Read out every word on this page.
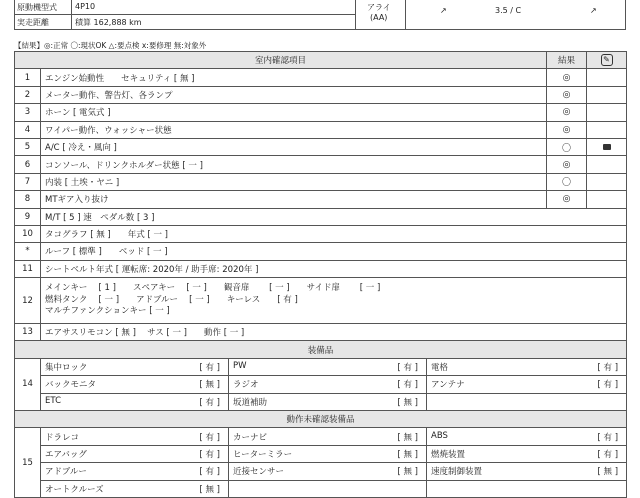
原動機型式 4P10
実走距離	積算 162,888 km
アライ
(AA)
↗	3.5 / C	↗
【結果】◎:正常 〇:現状OK △:要点検 x:要修理 無:対象外
室内確認項目				結果	✎
1	エンジン始動性　　セキュリティ [ 無 ]			◎	
2	メーター動作、警告灯、各ランプ			◎	
3	ホーン [ 電気式 ]			◎	
4	ワイパー動作、ウォッシャー状態			◎	
5	A/C [ 冷え・風向 ]			〇	
6	コンソール、ドリンクホルダー状態 [ 一 ]			◎	
7	内装 [ 土埃・ヤニ ]			〇	
8	MTギア入り抜け			◎	
9	M/T [ 5 ] 速　ペダル数 [ 3 ]				
10	タコグラフ [ 無 ]　　年式 [ 一 ]				
*	ルーフ [ 標準 ]　　ベッド [ 一 ]				
11	シートベルト年式 [ 運転席: 2020年 / 助手席: 2020年 ]				
12	メインキー　 [ 1 ]　　スペアキー　 [ 一 ]　　観音扉　　 [ 一 ]　　サイド扉　　 [ 一 ]
燃料タンク　 [ 一 ]　　アドブルー　 [ 一 ]　　キーレス　　[ 有 ]
マルチファンクションキー [ 一 ]				
13	エアサスリモコン [ 無 ]　 サス [ 一 ]　　動作 [ 一 ]				
装備品					
14	集中ロック [ 有 ]	PW [ 有 ]	電格 [ 有 ]		

	バックモニタ [ 無 ]	ラジオ [ 有 ]	アンテナ [ 有 ]		

	ETC [ 有 ]	坂道補助 [ 無 ]			

動作未確認装備品					
15	ドラレコ [ 有 ]	カーナビ [ 無 ]	ABS [ 有 ]		

	エアバッグ [ 有 ]	ヒーターミラー [ 無 ]	燃焼装置 [ 有 ]		

	アドブルー [ 有 ]	近接センサー [ 無 ]	速度制御装置 [ 無 ]		

	オートクルーズ [ 無 ]				
